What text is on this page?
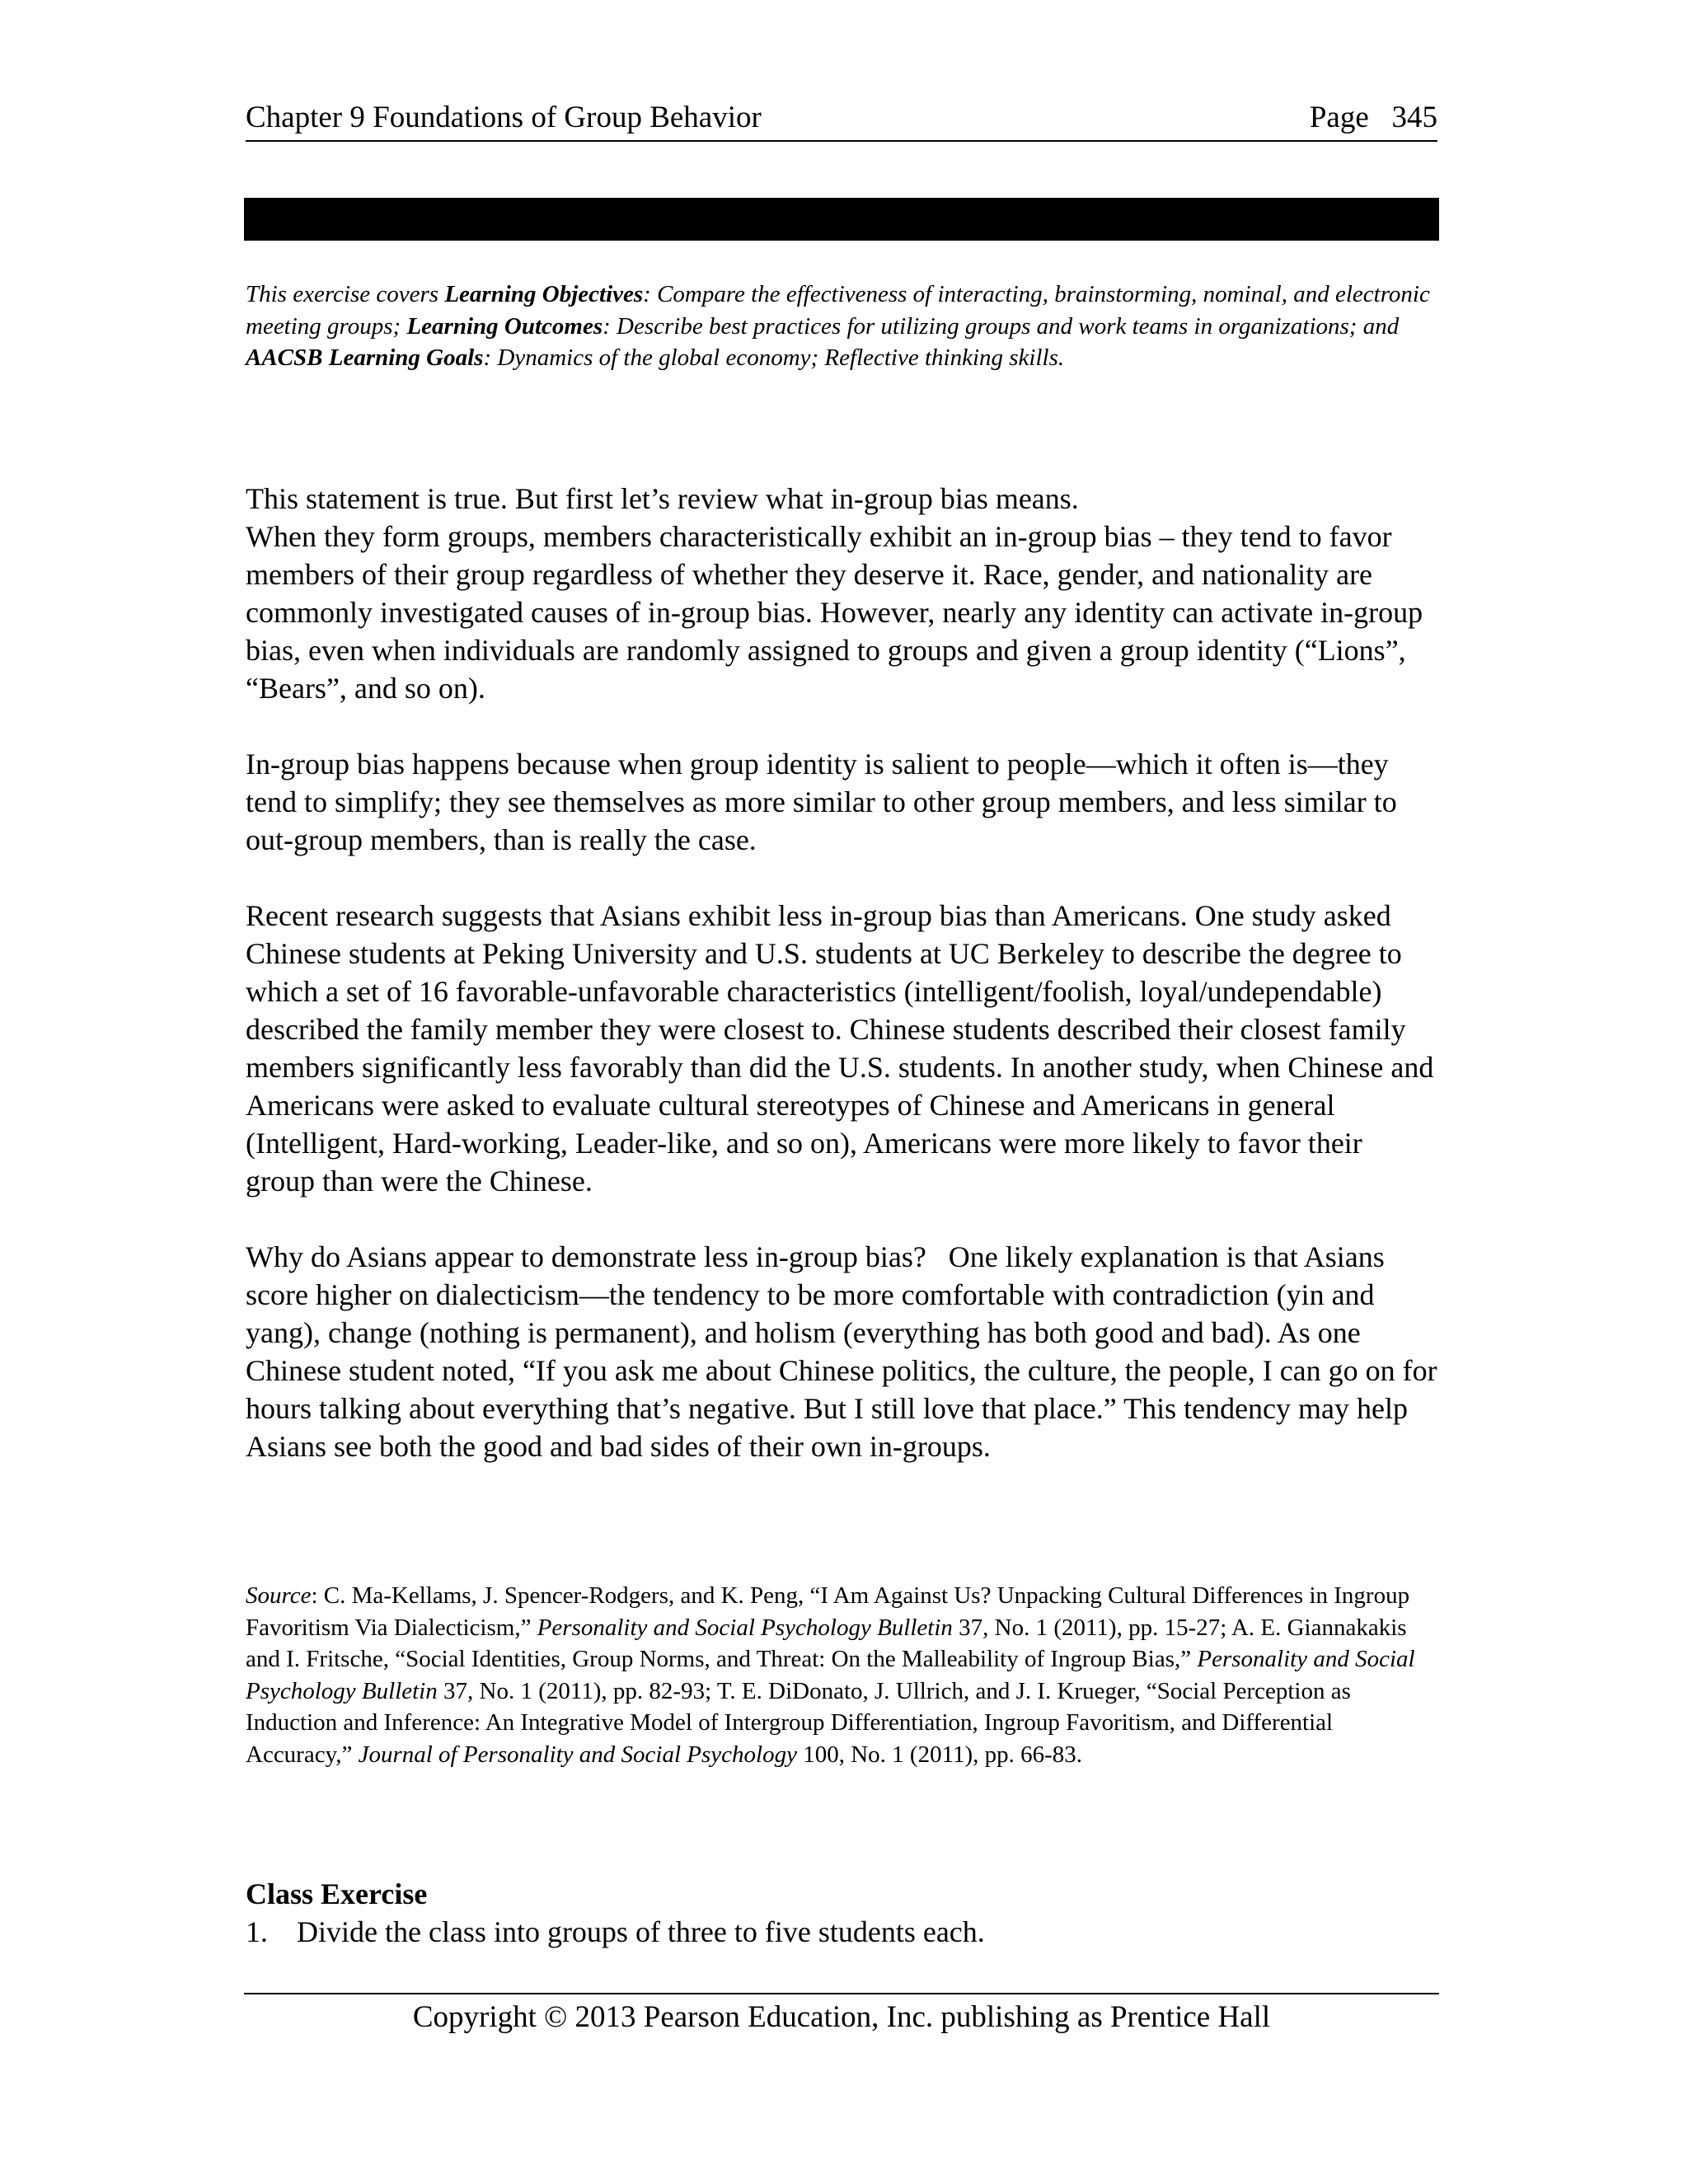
Chapter 9 Foundations of Group Behavior	Page   345
This exercise covers Learning Objectives: Compare the effectiveness of interacting, brainstorming, nominal, and electronic meeting groups; Learning Outcomes: Describe best practices for utilizing groups and work teams in organizations; and AACSB Learning Goals: Dynamics of the global economy; Reflective thinking skills.

This statement is true. But first let’s review what in-group bias means.

When they form groups, members characteristically exhibit an in-group bias – they tend to favor members of their group regardless of whether they deserve it. Race, gender, and nationality are commonly investigated causes of in-group bias. However, nearly any identity can activate in-group bias, even when individuals are randomly assigned to groups and given a group identity (“Lions”, “Bears”, and so on).

In-group bias happens because when group identity is salient to people—which it often is—they tend to simplify; they see themselves as more similar to other group members, and less similar to out-group members, than is really the case.

Recent research suggests that Asians exhibit less in-group bias than Americans. One study asked Chinese students at Peking University and U.S. students at UC Berkeley to describe the degree to which a set of 16 favorable-unfavorable characteristics (intelligent/foolish, loyal/undependable) described the family member they were closest to. Chinese students described their closest family members significantly less favorably than did the U.S. students. In another study, when Chinese and Americans were asked to evaluate cultural stereotypes of Chinese and Americans in general (Intelligent, Hard-working, Leader-like, and so on), Americans were more likely to favor their group than were the Chinese.

Why do Asians appear to demonstrate less in-group bias?   One likely explanation is that Asians score higher on dialecticism—the tendency to be more comfortable with contradiction (yin and yang), change (nothing is permanent), and holism (everything has both good and bad). As one Chinese student noted, “If you ask me about Chinese politics, the culture, the people, I can go on for hours talking about everything that’s negative. But I still love that place.” This tendency may help Asians see both the good and bad sides of their own in-groups.

Source: C. Ma-Kellams, J. Spencer-Rodgers, and K. Peng, “I Am Against Us? Unpacking Cultural Differences in Ingroup Favoritism Via Dialecticism,” Personality and Social Psychology Bulletin 37, No. 1 (2011), pp. 15-27; A. E. Giannakakis and I. Fritsche, “Social Identities, Group Norms, and Threat: On the Malleability of Ingroup Bias,” Personality and Social Psychology Bulletin 37, No. 1 (2011), pp. 82-93; T. E. DiDonato, J. Ullrich, and J. I. Krueger, “Social Perception as Induction and Inference: An Integrative Model of Intergroup Differentiation, Ingroup Favoritism, and Differential Accuracy,” Journal of Personality and Social Psychology 100, No. 1 (2011), pp. 66-83.
Class Exercise
1. Divide the class into groups of three to five students each.
Copyright © 2013 Pearson Education, Inc. publishing as Prentice Hall
